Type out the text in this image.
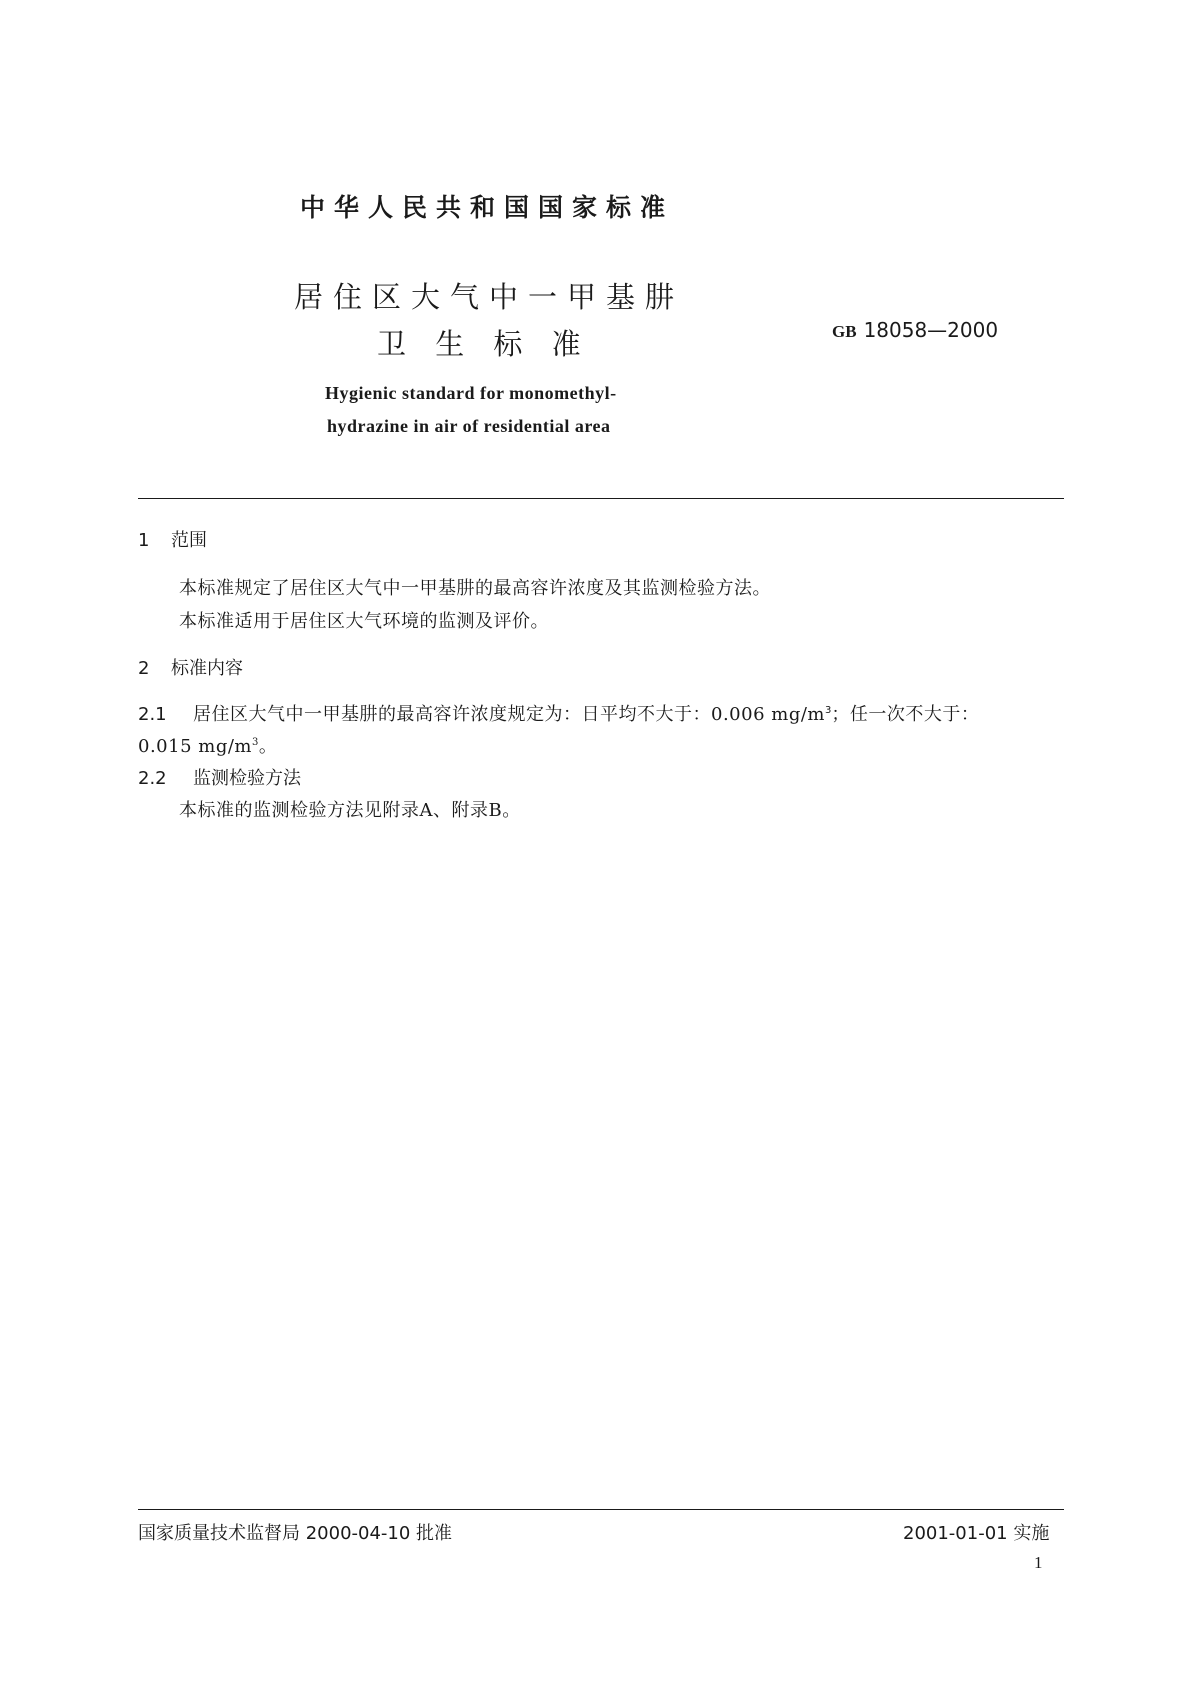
中华人民共和国国家标准
居住区大气中一甲基肼
卫 生 标 准	GB 18058—2000
Hygienic standard for monomethyl-
hydrazine in air of residential area
1 范围
本标准规定了居住区大气中一甲基肼的最高容许浓度及其监测检验方法。
本标准适用于居住区大气环境的监测及评价。
2 标准内容
2.1 居住区大气中一甲基肼的最高容许浓度规定为：日平均不大于：0.006 $mg/m^3$；任一次不大于：
0.015 $mg/m^3$。
2.2 监测检验方法
本标准的监测检验方法见附录A、附录B。
国家质量技术监督局 2000-04-10 批准	2001-01-01 实施
1
